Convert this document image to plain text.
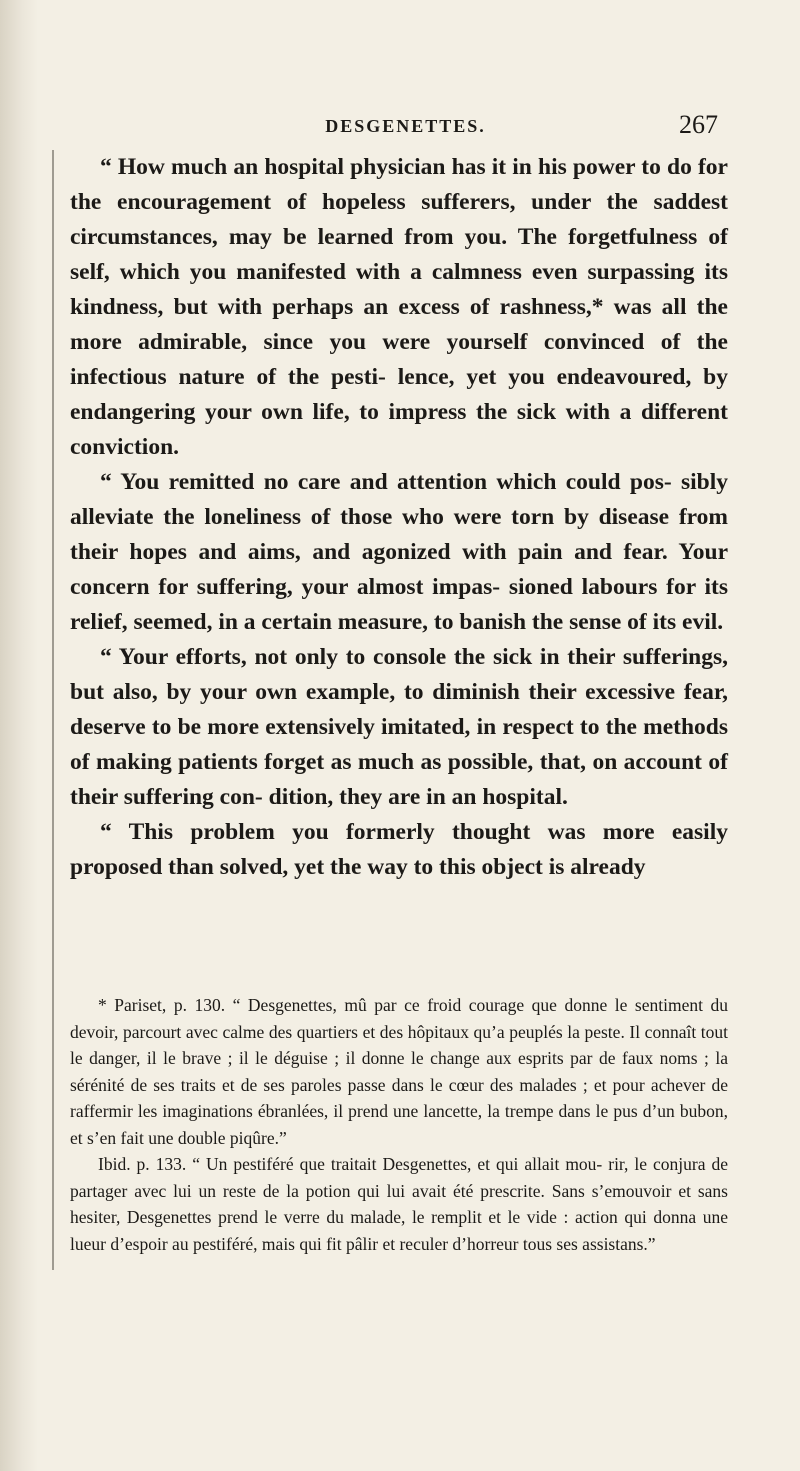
DESGENETTES.	267

“ How much an hospital physician has it in his power to do for the encouragement of hopeless sufferers, under the saddest circumstances, may be learned from you. The forgetfulness of self, which you manifested with a calmness even surpassing its kindness, but with perhaps an excess of rashness,* was all the more admirable, since you were yourself convinced of the infectious nature of the pesti- lence, yet you endeavoured, by endangering your own life, to impress the sick with a different conviction.

“ You remitted no care and attention which could pos- sibly alleviate the loneliness of those who were torn by disease from their hopes and aims, and agonized with pain and fear. Your concern for suffering, your almost impas- sioned labours for its relief, seemed, in a certain measure, to banish the sense of its evil.

“ Your efforts, not only to console the sick in their sufferings, but also, by your own example, to diminish their excessive fear, deserve to be more extensively imitated, in respect to the methods of making patients forget as much as possible, that, on account of their suffering con- dition, they are in an hospital.

“ This problem you formerly thought was more easily proposed than solved, yet the way to this object is already

* Pariset, p. 130. “ Desgenettes, mû par ce froid courage que donne le sentiment du devoir, parcourt avec calme des quartiers et des hôpitaux qu’a peuplés la peste. Il connaît tout le danger, il le brave ; il le déguise ; il donne le change aux esprits par de faux noms ; la sérénité de ses traits et de ses paroles passe dans le cœur des malades ; et pour achever de raffermir les imaginations ébranlées, il prend une lancette, la trempe dans le pus d’un bubon, et s’en fait une double piqûre.”

Ibid. p. 133. “ Un pestiféré que traitait Desgenettes, et qui allait mou- rir, le conjura de partager avec lui un reste de la potion qui lui avait été prescrite. Sans s’emouvoir et sans hesiter, Desgenettes prend le verre du malade, le remplit et le vide : action qui donna une lueur d’espoir au pestiféré, mais qui fit pâlir et reculer d’horreur tous ses assistans.”
